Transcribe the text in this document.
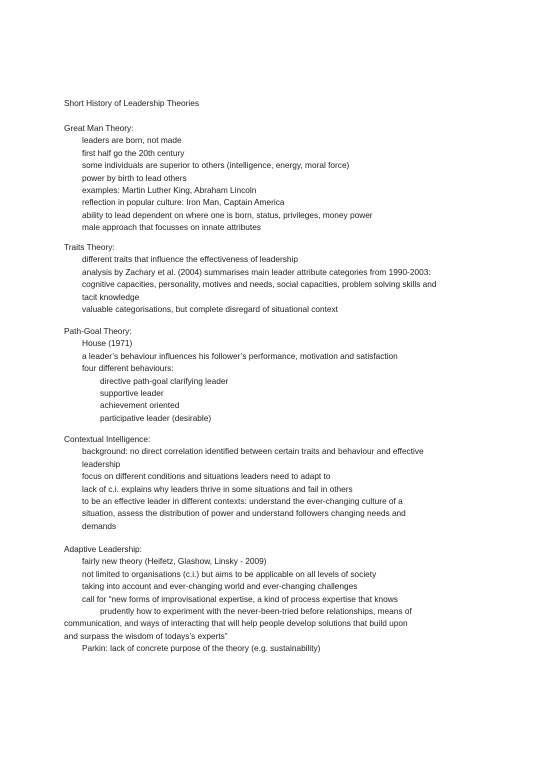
Short History of Leadership Theories

Great Man Theory:

leaders are born, not made

first half go the 20th century

some individuals are superior to others (intelligence, energy, moral force)

power by birth to lead others

examples: Martin Luther King, Abraham Lincoln

reflection in popular culture: Iron Man, Captain America

ability to lead dependent on where one is born, status, privileges, money power

male approach that focusses on innate attributes

Traits Theory:

different traits that influence the effectiveness of leadership

analysis by Zachary et al. (2004) summarises main leader attribute categories from 1990-2003:

cognitive capacities, personality, motives and needs, social capacities, problem solving skills and

tacit knowledge

valuable categorisations, but complete disregard of situational context

Path-Goal Theory:

House (1971)

a leader’s behaviour influences his follower’s performance, motivation and satisfaction

four different behaviours:

directive path-goal clarifying leader

supportive leader

achievement oriented

participative leader (desirable)

Contextual Intelligence:

background: no direct correlation identified between certain traits and behaviour and effective

leadership

focus on different conditions and situations leaders need to adapt to

lack of c.i. explains why leaders thrive in some situations and fail in others

to be an effective leader in different contexts: understand the ever-changing culture of a

situation, assess the distribution of power and understand followers changing needs and

demands

Adaptive Leadership:

fairly new theory (Heifetz, Glashow, Linsky - 2009)

not limited to organisations (c.i.) but aims to be applicable on all levels of society

taking into account and ever-changing world and ever-changing challenges

call for “new forms of improvisational expertise, a kind of process expertise that knows

prudently how to experiment with the never-been-tried before relationships, means of

communication, and ways of interacting that will help people develop solutions that build upon

and surpass the wisdom of todays’s experts”

Parkin: lack of concrete purpose of the theory (e.g. sustainability)
